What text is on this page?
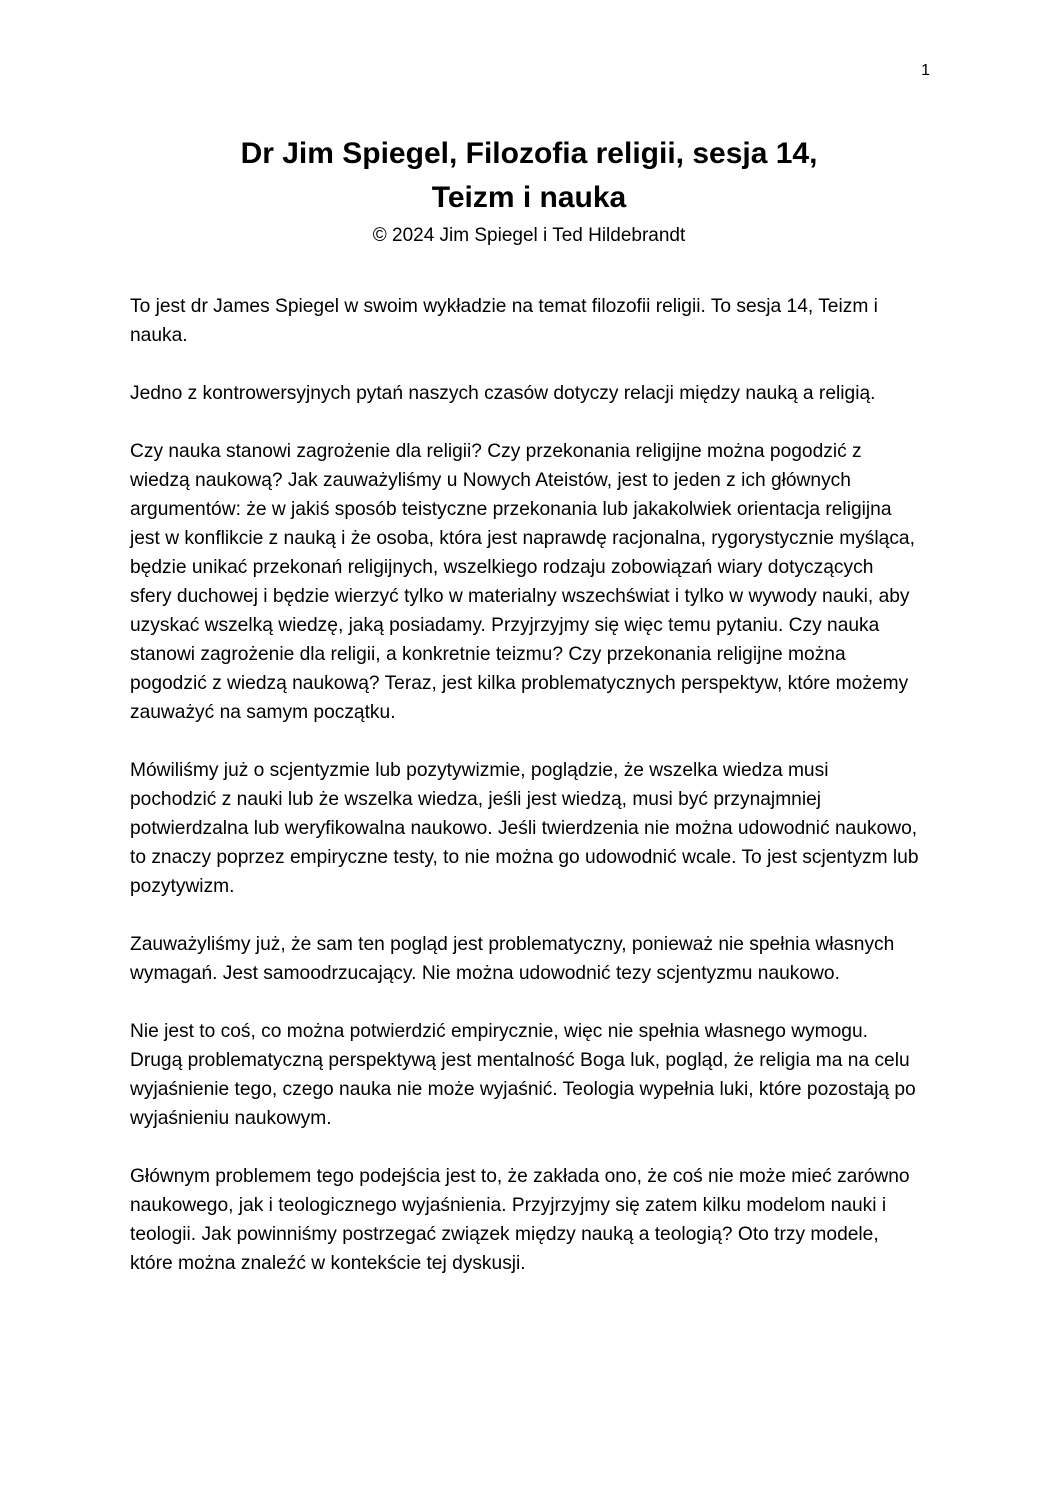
1
Dr Jim Spiegel, Filozofia religii, sesja 14,
Teizm i nauka
© 2024 Jim Spiegel i Ted Hildebrandt

To jest dr James Spiegel w swoim wykładzie na temat filozofii religii. To sesja 14, Teizm i nauka.

Jedno z kontrowersyjnych pytań naszych czasów dotyczy relacji między nauką a religią.

Czy nauka stanowi zagrożenie dla religii? Czy przekonania religijne można pogodzić z wiedzą naukową? Jak zauważyliśmy u Nowych Ateistów, jest to jeden z ich głównych argumentów: że w jakiś sposób teistyczne przekonania lub jakakolwiek orientacja religijna jest w konflikcie z nauką i że osoba, która jest naprawdę racjonalna, rygorystycznie myśląca, będzie unikać przekonań religijnych, wszelkiego rodzaju zobowiązań wiary dotyczących sfery duchowej i będzie wierzyć tylko w materialny wszechświat i tylko w wywody nauki, aby uzyskać wszelką wiedzę, jaką posiadamy. Przyjrzyjmy się więc temu pytaniu. Czy nauka stanowi zagrożenie dla religii, a konkretnie teizmu? Czy przekonania religijne można pogodzić z wiedzą naukową? Teraz, jest kilka problematycznych perspektyw, które możemy zauważyć na samym początku.

Mówiliśmy już o scjentyzmie lub pozytywizmie, poglądzie, że wszelka wiedza musi pochodzić z nauki lub że wszelka wiedza, jeśli jest wiedzą, musi być przynajmniej potwierdzalna lub weryfikowalna naukowo. Jeśli twierdzenia nie można udowodnić naukowo, to znaczy poprzez empiryczne testy, to nie można go udowodnić wcale. To jest scjentyzm lub pozytywizm.

Zauważyliśmy już, że sam ten pogląd jest problematyczny, ponieważ nie spełnia własnych wymagań. Jest samoodrzucający. Nie można udowodnić tezy scjentyzmu naukowo.

Nie jest to coś, co można potwierdzić empirycznie, więc nie spełnia własnego wymogu. Drugą problematyczną perspektywą jest mentalność Boga luk, pogląd, że religia ma na celu wyjaśnienie tego, czego nauka nie może wyjaśnić. Teologia wypełnia luki, które pozostają po wyjaśnieniu naukowym.

Głównym problemem tego podejścia jest to, że zakłada ono, że coś nie może mieć zarówno naukowego, jak i teologicznego wyjaśnienia. Przyjrzyjmy się zatem kilku modelom nauki i teologii. Jak powinniśmy postrzegać związek między nauką a teologią? Oto trzy modele, które można znaleźć w kontekście tej dyskusji.
